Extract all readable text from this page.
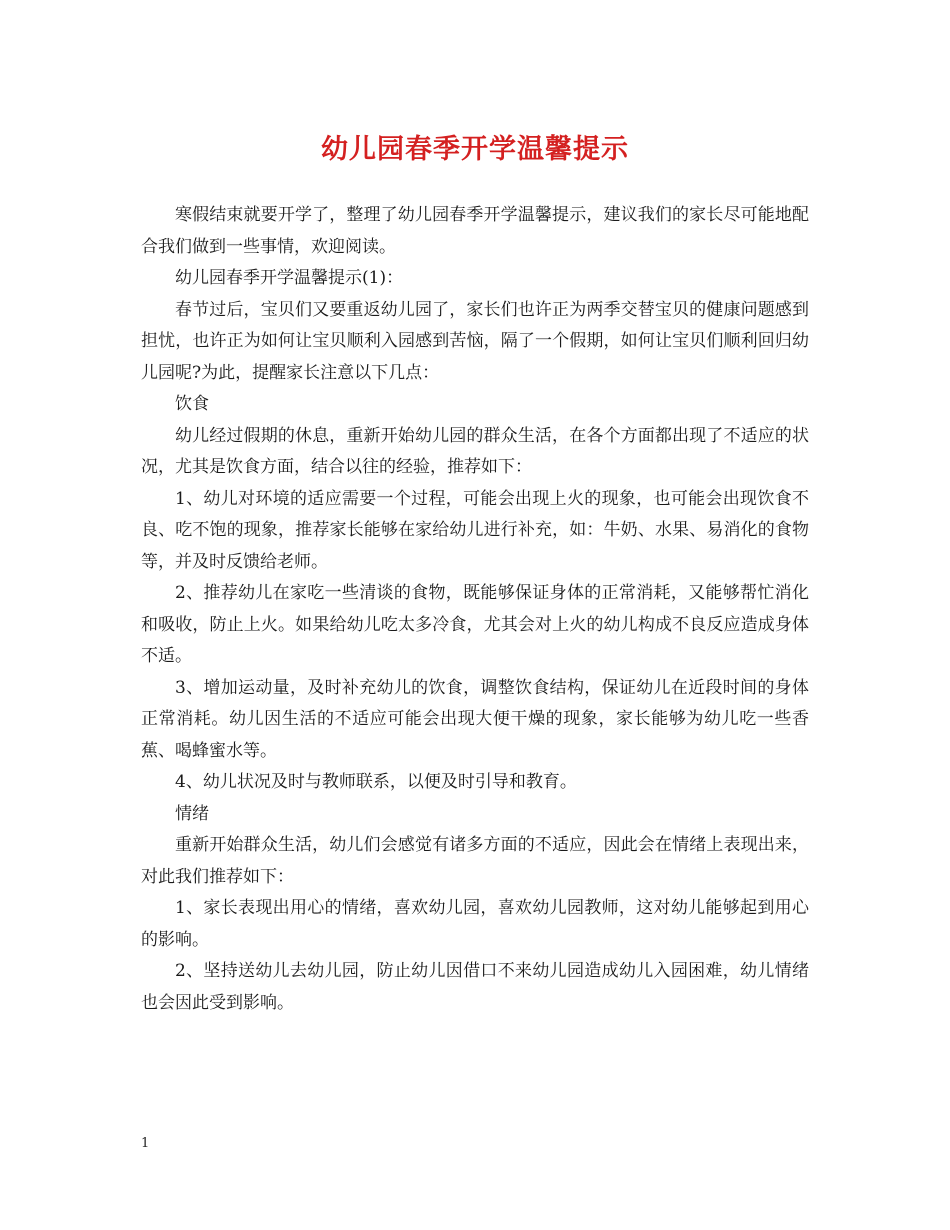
幼儿园春季开学温馨提示

寒假结束就要开学了，整理了幼儿园春季开学温馨提示，建议我们的家长尽可能地配合我们做到一些事情，欢迎阅读。

幼儿园春季开学温馨提示(1)：

春节过后，宝贝们又要重返幼儿园了，家长们也许正为两季交替宝贝的健康问题感到担忧，也许正为如何让宝贝顺利入园感到苦恼，隔了一个假期，如何让宝贝们顺利回归幼儿园呢?为此，提醒家长注意以下几点：

饮食

幼儿经过假期的休息，重新开始幼儿园的群众生活，在各个方面都出现了不适应的状况，尤其是饮食方面，结合以往的经验，推荐如下：

1、幼儿对环境的适应需要一个过程，可能会出现上火的现象，也可能会出现饮食不良、吃不饱的现象，推荐家长能够在家给幼儿进行补充，如：牛奶、水果、易消化的食物等，并及时反馈给老师。

2、推荐幼儿在家吃一些清谈的食物，既能够保证身体的正常消耗，又能够帮忙消化和吸收，防止上火。如果给幼儿吃太多冷食，尤其会对上火的幼儿构成不良反应造成身体不适。

3、增加运动量，及时补充幼儿的饮食，调整饮食结构，保证幼儿在近段时间的身体正常消耗。幼儿因生活的不适应可能会出现大便干燥的现象，家长能够为幼儿吃一些香蕉、喝蜂蜜水等。

4、幼儿状况及时与教师联系，以便及时引导和教育。

情绪

重新开始群众生活，幼儿们会感觉有诸多方面的不适应，因此会在情绪上表现出来，对此我们推荐如下：

1、家长表现出用心的情绪，喜欢幼儿园，喜欢幼儿园教师，这对幼儿能够起到用心的影响。

2、坚持送幼儿去幼儿园，防止幼儿因借口不来幼儿园造成幼儿入园困难，幼儿情绪也会因此受到影响。

1
